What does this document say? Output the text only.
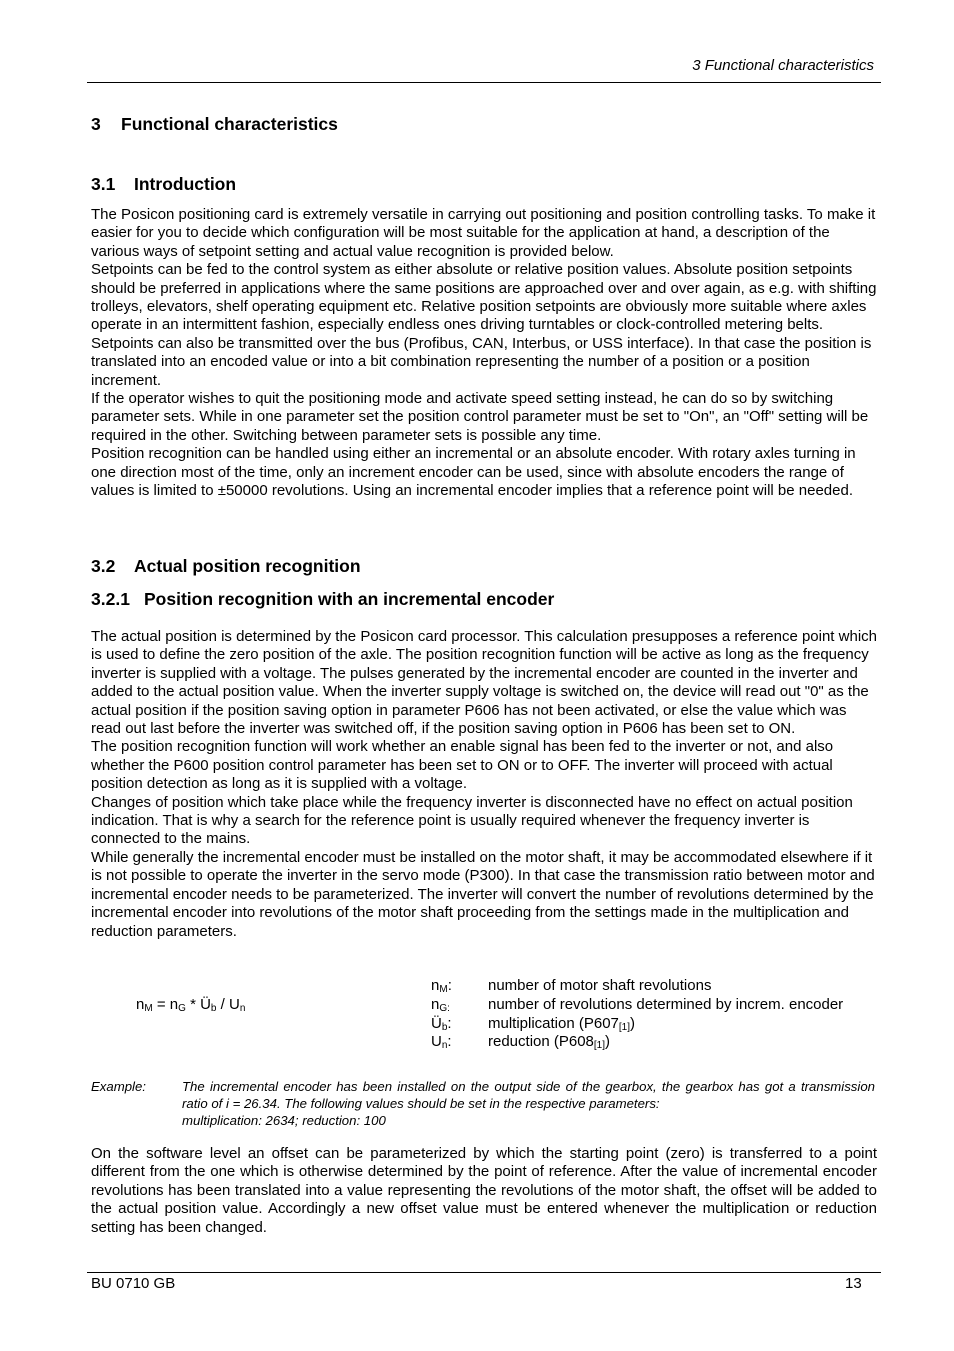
3 Functional characteristics
3 Functional characteristics
3.1 Introduction

The Posicon positioning card is extremely versatile in carrying out positioning and position controlling tasks. To make it easier for you to decide which configuration will be most suitable for the application at hand, a description of the various ways of setpoint setting and actual value recognition is provided below.

Setpoints can be fed to the control system as either absolute or relative position values. Absolute position setpoints should be preferred in applications where the same positions are approached over and over again, as e.g. with shifting trolleys, elevators, shelf operating equipment etc. Relative position setpoints are obviously more suitable where axles operate in an intermittent fashion, especially endless ones driving turntables or clock-controlled metering belts. Setpoints can also be transmitted over the bus (Profibus, CAN, Interbus, or USS interface). In that case the position is translated into an encoded value or into a bit combination representing the number of a position or a position increment.

If the operator wishes to quit the positioning mode and activate speed setting instead, he can do so by switching parameter sets. While in one parameter set the position control parameter must be set to "On", an "Off" setting will be required in the other. Switching between parameter sets is possible any time.

Position recognition can be handled using either an incremental or an absolute encoder. With rotary axles turning in one direction most of the time, only an increment encoder can be used, since with absolute encoders the range of values is limited to ±50000 revolutions. Using an incremental encoder implies that a reference point will be needed.

3.2 Actual position recognition
3.2.1 Position recognition with an incremental encoder

The actual position is determined by the Posicon card processor. This calculation presupposes a reference point which is used to define the zero position of the axle. The position recognition function will be active as long as the frequency inverter is supplied with a voltage. The pulses generated by the incremental encoder are counted in the inverter and added to the actual position value. When the inverter supply voltage is switched on, the device will read out "0" as the actual position if the position saving option in parameter P606 has not been activated, or else the value which was read out last before the inverter was switched off, if the position saving option in P606 has been set to ON.

The position recognition function will work whether an enable signal has been fed to the inverter or not, and also whether the P600 position control parameter has been set to ON or to OFF. The inverter will proceed with actual position detection as long as it is supplied with a voltage.

Changes of position which take place while the frequency inverter is disconnected have no effect on actual position indication. That is why a search for the reference point is usually required whenever the frequency inverter is connected to the mains.

While generally the incremental encoder must be installed on the motor shaft, it may be accommodated elsewhere if it is not possible to operate the inverter in the servo mode (P300). In that case the transmission ratio between motor and incremental encoder needs to be parameterized. The inverter will convert the number of revolutions determined by the incremental encoder into revolutions of the motor shaft proceeding from the settings made in the multiplication and reduction parameters.

$n_M = n_G$ * $Ü_b / U_n$
$n_M$:	number of motor shaft revolutions
$n_{G:}$	number of revolutions determined by increm. encoder
$Ü_b$:	multiplication $(P607_{[1]})$
$U_n$:	reduction $(P608_{[1]})$
Example:	The incremental encoder has been installed on the output side of the gearbox, the gearbox has got a transmission ratio of i = 26.34. The following values should be set in the respective parameters:
multiplication: 2634; reduction: 100

On the software level an offset can be parameterized by which the starting point (zero) is transferred to a point different from the one which is otherwise determined by the point of reference. After the value of incremental encoder revolutions has been translated into a value representing the revolutions of the motor shaft, the offset will be added to the actual position value. Accordingly a new offset value must be entered whenever the multiplication or reduction setting has been changed.

BU 0710 GB	13
